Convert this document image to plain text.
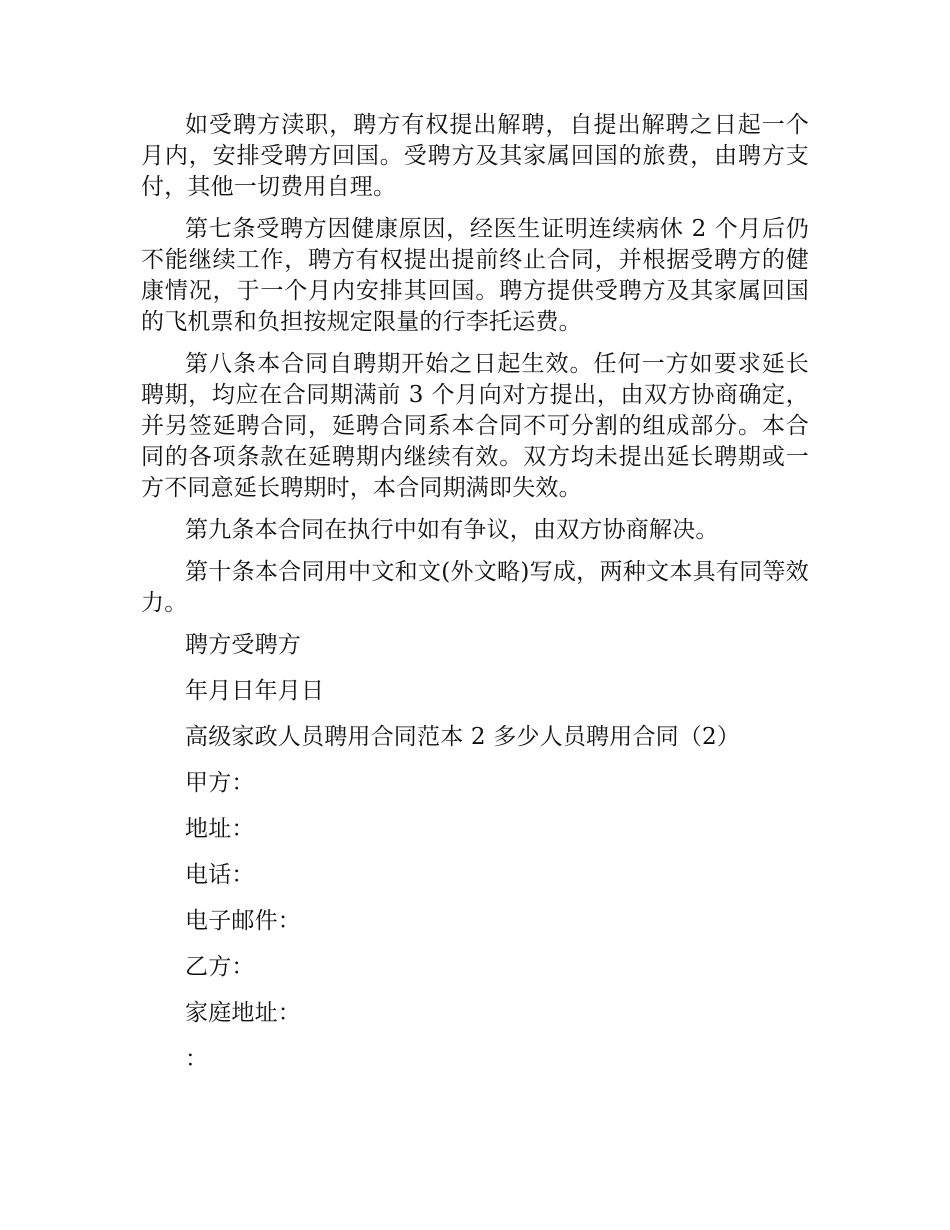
如受聘方渎职，聘方有权提出解聘，自提出解聘之日起一个月内，安排受聘方回国。受聘方及其家属回国的旅费，由聘方支付，其他一切费用自理。

第七条受聘方因健康原因，经医生证明连续病休 2 个月后仍不能继续工作，聘方有权提出提前终止合同，并根据受聘方的健康情况，于一个月内安排其回国。聘方提供受聘方及其家属回国的飞机票和负担按规定限量的行李托运费。

第八条本合同自聘期开始之日起生效。任何一方如要求延长聘期，均应在合同期满前 3 个月向对方提出，由双方协商确定，并另签延聘合同，延聘合同系本合同不可分割的组成部分。本合同的各项条款在延聘期内继续有效。双方均未提出延长聘期或一方不同意延长聘期时，本合同期满即失效。

第九条本合同在执行中如有争议，由双方协商解决。

第十条本合同用中文和文(外文略)写成，两种文本具有同等效力。

聘方受聘方
年月日年月日
高级家政人员聘用合同范本 2 多少人员聘用合同（2）
甲方：
地址：
电话：
电子邮件：
乙方：
家庭地址：
：
